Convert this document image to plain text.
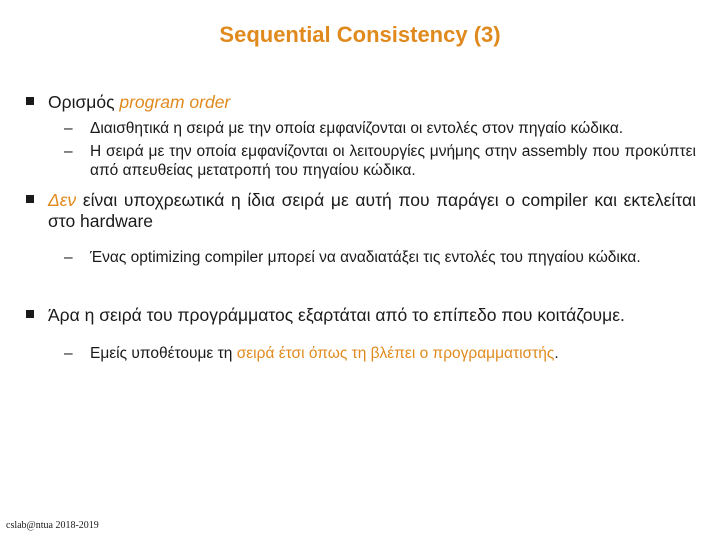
Sequential Consistency (3)
Ορισμός program order
– Διαισθητικά η σειρά με την οποία εμφανίζονται οι εντολές στον πηγαίο κώδικα.
– Η σειρά με την οποία εμφανίζονται οι λειτουργίες μνήμης στην assembly που προκύπτει από απευθείας μετατροπή του πηγαίου κώδικα.
Δεν είναι υποχρεωτικά η ίδια σειρά με αυτή που παράγει ο compiler και εκτελείται στο hardware
– Ένας optimizing compiler μπορεί να αναδιατάξει τις εντολές του πηγαίου κώδικα.
Άρα η σειρά του προγράμματος εξαρτάται από το επίπεδο που κοιτάζουμε.
– Εμείς υποθέτουμε τη σειρά έτσι όπως τη βλέπει ο προγραμματιστής.
cslab@ntua 2018-2019
